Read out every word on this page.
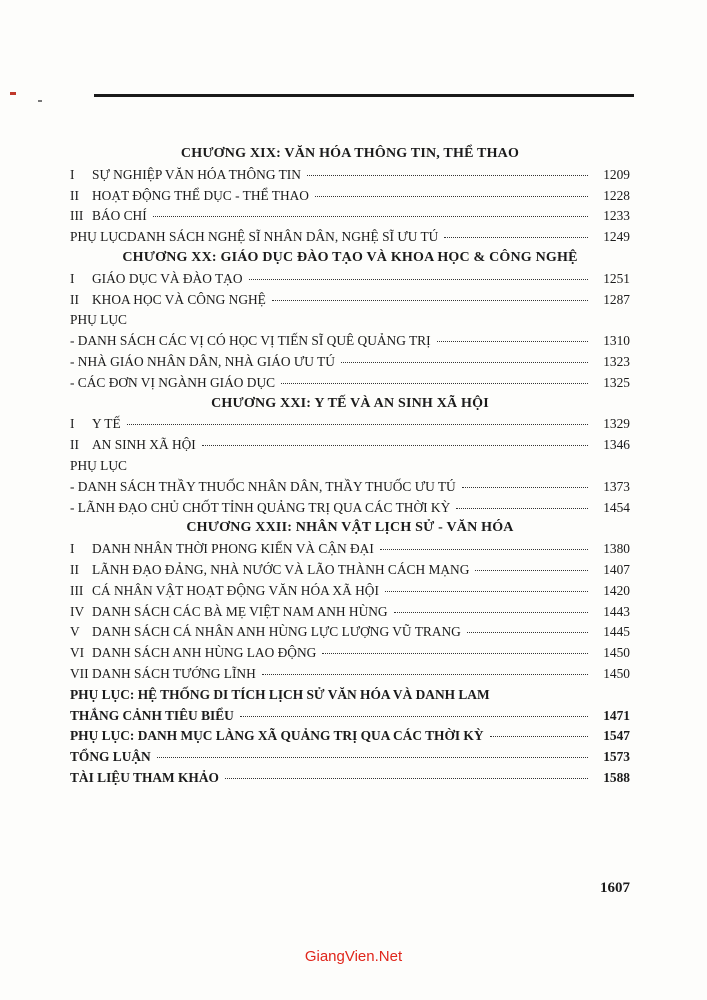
CHƯƠNG XIX: VĂN HÓA THÔNG TIN, THỂ THAO
I	SỰ NGHIỆP VĂN HÓA THÔNG TIN	1209
II HOẠT ĐỘNG THỂ DỤC - THỂ THAO	1228
III BÁO CHÍ	1233
PHỤ LỤC DANH SÁCH NGHỆ SĨ NHÂN DÂN, NGHỆ SĨ ƯU TÚ	1249
CHƯƠNG XX: GIÁO DỤC ĐÀO TẠO VÀ KHOA HỌC & CÔNG NGHỆ
I	GIÁO DỤC VÀ ĐÀO TẠO	1251
II KHOA HỌC VÀ CÔNG NGHỆ	1287
PHỤ LỤC
- DANH SÁCH CÁC VỊ CÓ HỌC VỊ TIẾN SĨ QUÊ QUẢNG TRỊ	1310
- NHÀ GIÁO NHÂN DÂN, NHÀ GIÁO ƯU TÚ	1323
- CÁC ĐƠN VỊ NGÀNH GIÁO DỤC	1325
CHƯƠNG XXI: Y TẾ VÀ AN SINH XÃ HỘI
I	Y TẾ	1329
II AN SINH XÃ HỘI	1346
PHỤ LỤC
- DANH SÁCH THẦY THUỐC NHÂN DÂN, THẦY THUỐC ƯU TÚ	1373
- LÃNH ĐẠO CHỦ CHỐT TỈNH QUẢNG TRỊ QUA CÁC THỜI KỲ	1454
CHƯƠNG XXII: NHÂN VẬT LỊCH SỬ - VĂN HÓA
I	DANH NHÂN THỜI PHONG KIẾN VÀ CẬN ĐẠI	1380
II LÃNH ĐẠO ĐẢNG, NHÀ NƯỚC VÀ LÃO THÀNH CÁCH MẠNG	1407
III CÁ NHÂN VẬT HOẠT ĐỘNG VĂN HÓA XÃ HỘI	1420
IV DANH SÁCH CÁC BÀ MẸ VIỆT NAM ANH HÙNG	1443
V DANH SÁCH CÁ NHÂN ANH HÙNG LỰC LƯỢNG VŨ TRANG	1445
VI DANH SÁCH ANH HÙNG LAO ĐỘNG	1450
VII DANH SÁCH TƯỚNG LĨNH	1450
PHỤ LỤC: HỆ THỐNG DI TÍCH LỊCH SỬ VĂN HÓA VÀ DANH LAM
THẮNG CẢNH TIÊU BIỂU	1471
PHỤ LỤC: DANH MỤC LÀNG XÃ QUẢNG TRỊ QUA CÁC THỜI KỲ	1547
TỔNG LUẬN	1573
TÀI LIỆU THAM KHẢO	1588
1607
GiangVien.Net
